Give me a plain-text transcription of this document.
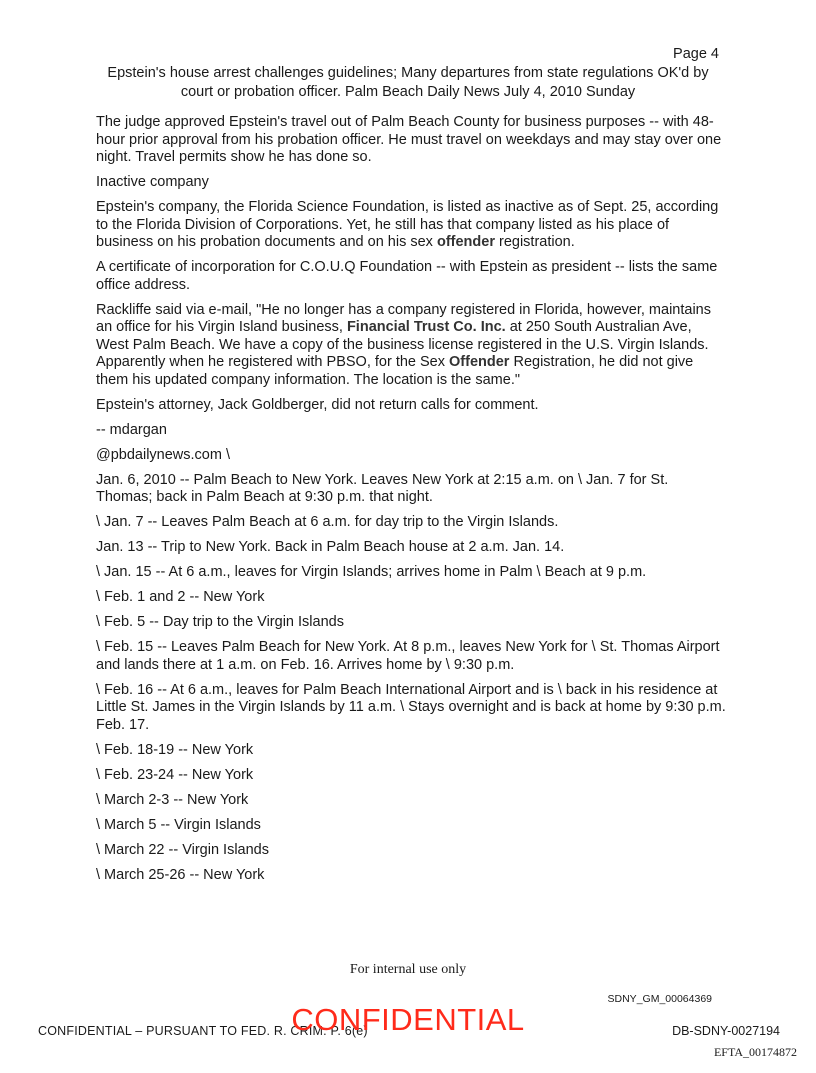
Page 4
Epstein's house arrest challenges guidelines; Many departures from state regulations OK'd by court or probation officer. Palm Beach Daily News July 4, 2010 Sunday

The judge approved Epstein's travel out of Palm Beach County for business purposes -- with 48-hour prior approval from his probation officer. He must travel on weekdays and may stay over one night. Travel permits show he has done so.

Inactive company

Epstein's company, the Florida Science Foundation, is listed as inactive as of Sept. 25, according to the Florida Division of Corporations. Yet, he still has that company listed as his place of business on his probation documents and on his sex offender registration.

A certificate of incorporation for C.O.U.Q Foundation -- with Epstein as president -- lists the same office address.

Rackliffe said via e-mail, "He no longer has a company registered in Florida, however, maintains an office for his Virgin Island business, Financial Trust Co. Inc. at 250 South Australian Ave, West Palm Beach. We have a copy of the business license registered in the U.S. Virgin Islands. Apparently when he registered with PBSO, for the Sex Offender Registration, he did not give them his updated company information. The location is the same."

Epstein's attorney, Jack Goldberger, did not return calls for comment.

-- mdargan

@pbdailynews.com \

Jan. 6, 2010 -- Palm Beach to New York. Leaves New York at 2:15 a.m. on \ Jan. 7 for St. Thomas; back in Palm Beach at 9:30 p.m. that night.

\ Jan. 7 -- Leaves Palm Beach at 6 a.m. for day trip to the Virgin Islands.

Jan. 13 -- Trip to New York. Back in Palm Beach house at 2 a.m. Jan. 14.

\ Jan. 15 -- At 6 a.m., leaves for Virgin Islands; arrives home in Palm \ Beach at 9 p.m.

\ Feb. 1 and 2 -- New York

\ Feb. 5 -- Day trip to the Virgin Islands

\ Feb. 15 -- Leaves Palm Beach for New York. At 8 p.m., leaves New York for \ St. Thomas Airport and lands there at 1 a.m. on Feb. 16. Arrives home by \ 9:30 p.m.

\ Feb. 16 -- At 6 a.m., leaves for Palm Beach International Airport and is \ back in his residence at Little St. James in the Virgin Islands by 11 a.m. \ Stays overnight and is back at home by 9:30 p.m. Feb. 17.

\ Feb. 18-19 -- New York

\ Feb. 23-24 -- New York

\ March 2-3 -- New York

\ March 5 -- Virgin Islands

\ March 22 -- Virgin Islands

\ March 25-26 -- New York

For internal use only
SDNY_GM_00064369
CONFIDENTIAL – PURSUANT TO FED. R. CRIM. P. 6(e)
CONFIDENTIAL	DB-SDNY-0027194
EFTA_00174872
